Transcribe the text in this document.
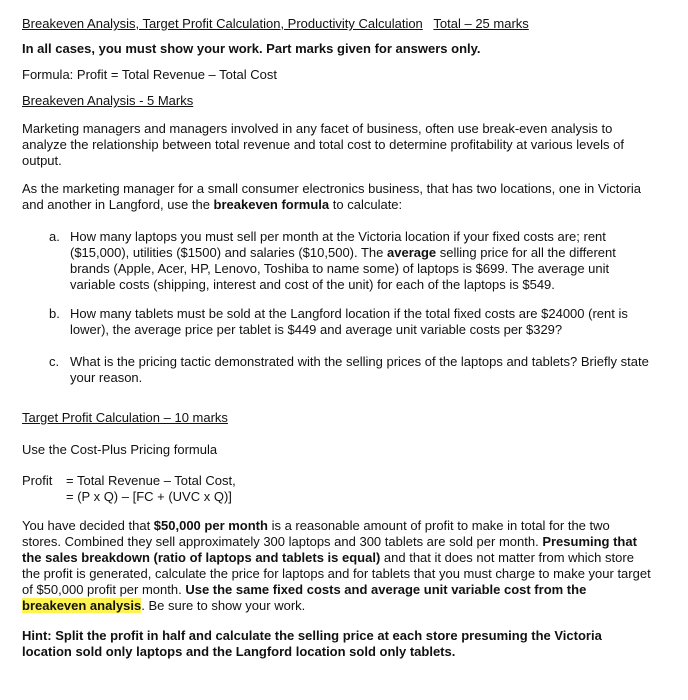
Breakeven Analysis, Target Profit Calculation, Productivity Calculation Total – 25 marks
In all cases, you must show your work. Part marks given for answers only.
Formula: Profit = Total Revenue – Total Cost
Breakeven Analysis - 5 Marks
Marketing managers and managers involved in any facet of business, often use break-even analysis to analyze the relationship between total revenue and total cost to determine profitability at various levels of output.
As the marketing manager for a small consumer electronics business, that has two locations, one in Victoria and another in Langford, use the breakeven formula to calculate:
a. How many laptops you must sell per month at the Victoria location if your fixed costs are; rent ($15,000), utilities ($1500) and salaries ($10,500). The average selling price for all the different brands (Apple, Acer, HP, Lenovo, Toshiba to name some) of laptops is $699. The average unit variable costs (shipping, interest and cost of the unit) for each of the laptops is $549.
b. How many tablets must be sold at the Langford location if the total fixed costs are $24000 (rent is lower), the average price per tablet is $449 and average unit variable costs per $329?
c. What is the pricing tactic demonstrated with the selling prices of the laptops and tablets? Briefly state your reason.
Target Profit Calculation – 10 marks
Use the Cost-Plus Pricing formula
Profit = Total Revenue – Total Cost,
= (P x Q) – [FC + (UVC x Q)]
You have decided that $50,000 per month is a reasonable amount of profit to make in total for the two stores. Combined they sell approximately 300 laptops and 300 tablets are sold per month. Presuming that the sales breakdown (ratio of laptops and tablets is equal) and that it does not matter from which store the profit is generated, calculate the price for laptops and for tablets that you must charge to make your target of $50,000 profit per month. Use the same fixed costs and average unit variable cost from the breakeven analysis. Be sure to show your work.
Hint: Split the profit in half and calculate the selling price at each store presuming the Victoria location sold only laptops and the Langford location sold only tablets.
